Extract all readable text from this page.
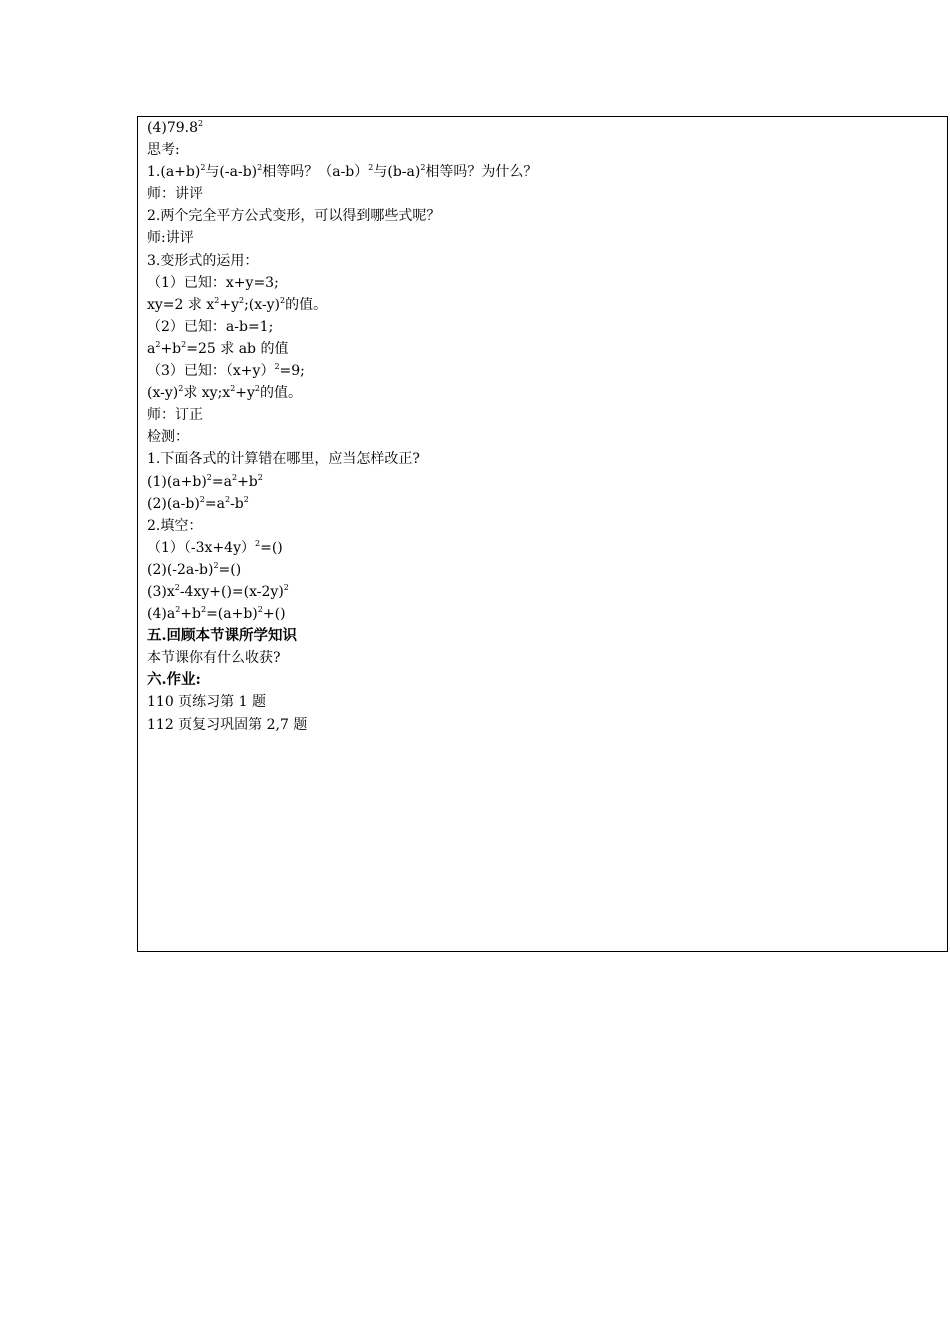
(4)79.8$^2$
思考:
$1.(a+b)^2$与$(-a-b)^2$相等吗？$(a-b)^2$与$(b-a)^2$相等吗？为什么？
师：讲评
2.两个完全平方公式变形，可以得到哪些式呢？
师:讲评
3.变形式的运用：
（1）已知：x+y=3;
xy=2 求 $x^2+y^2;(x-y)^2$的值。
（2）已知：a-b=1;
$a^2+b^2=25$ 求 ab 的值
（3）已知：$(x+y)^2=9$;
$(x-y)^2$求 $xy;x^2+y^2$的值。
师：订正
检测：
1.下面各式的计算错在哪里，应当怎样改正?
$(1)(a+b)^2=a^2+b^2$
$(2)(a-b)^2=a^2-b^2$
2.填空：
$(1)(-3x+4y)^2=()$
$(2)(-2a-b)^2=()$
$(3)x^2-4xy+()=(x-2y)^2$
$(4)a^2+b^2=(a+b)^2+()$
五.回顾本节课所学知识
本节课你有什么收获?
六.作业:
110 页练习第 1 题
112 页复习巩固第 2,7 题
